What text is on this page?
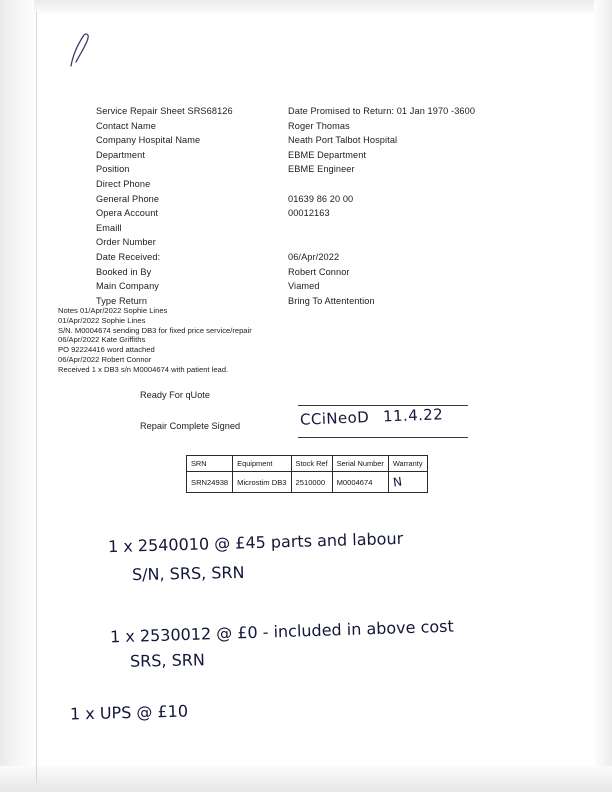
Service Repair Sheet SRS68126	Date Promised to Return: 01 Jan 1970 -3600
Contact Name	Roger Thomas
Company Hospital Name	Neath Port Talbot Hospital
Department	EBME Department
Position	EBME Engineer
Direct Phone
General Phone	01639 86 20 00
Opera Account	00012163
Emaill
Order Number
Date Received:	06/Apr/2022
Booked in By	Robert Connor
Main Company	Viamed
Type Return	Bring To Attentention
Notes 01/Apr/2022 Sophie Lines
01/Apr/2022 Sophie Lines
S/N. M0004674 sending DB3 for fixed price service/repair
06/Apr/2022 Kate Griffiths
PO 92224416 word attached
06/Apr/2022 Robert Connor
Received 1 x DB3 s/n M0004674 with patient lead.
Ready For qUote
Repair Complete Signed	CCiNeoD 11.4.22
SRN	Equipment	Stock Ref	Serial Number	Warranty
SRN24938	Microstim DB3	2510000	M0004674	N
1 x 2540010 @ £45 parts and labour
S/N, SRS, SRN
1 x 2530012 @ £0 - included in above cost
SRS, SRN
1 x UPS @ £10
